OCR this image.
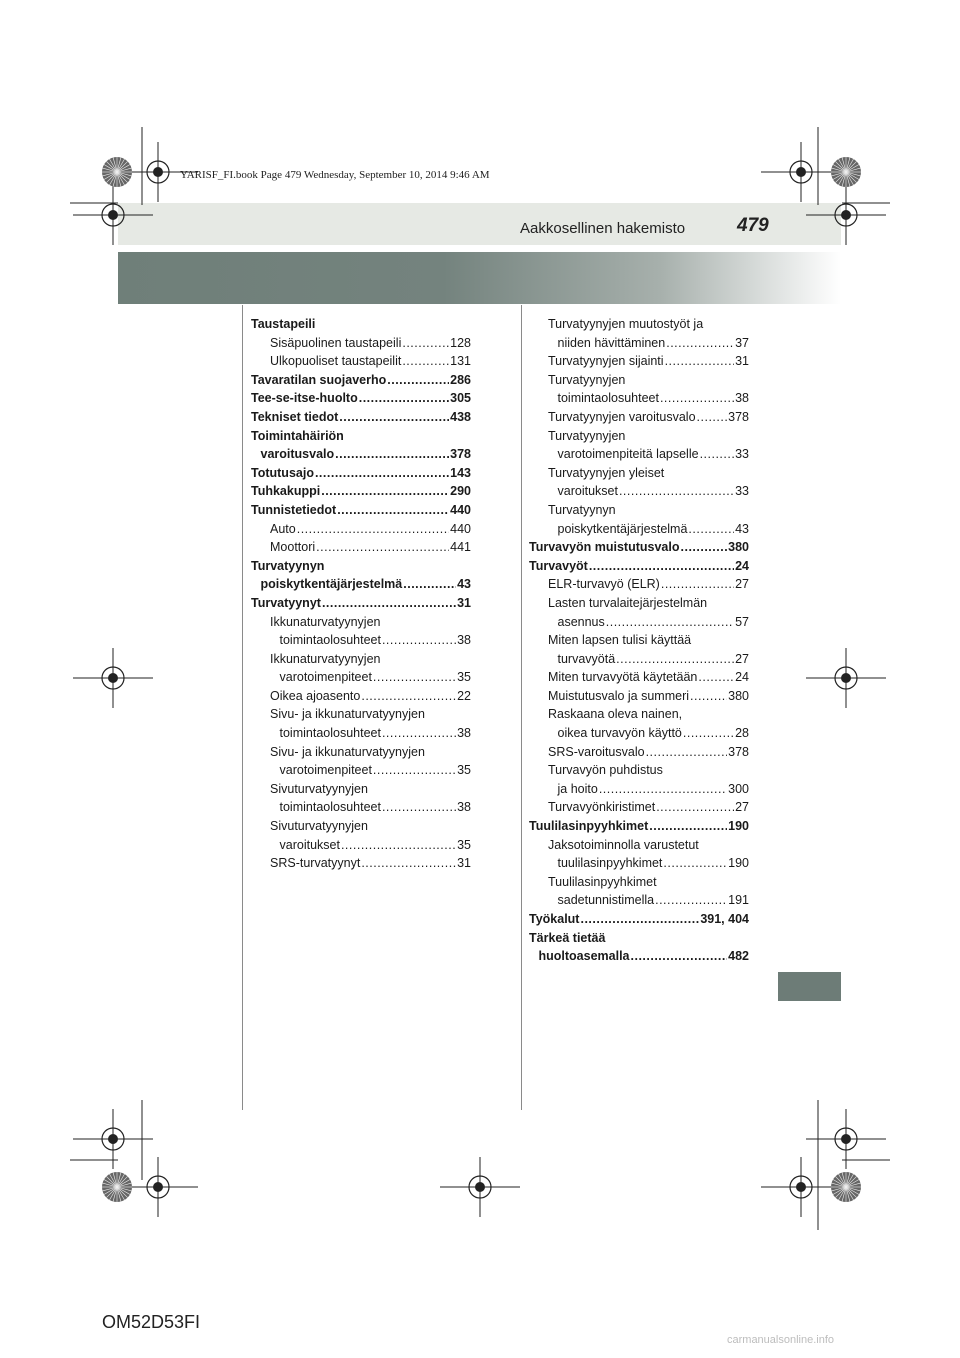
YARISF_FI.book Page 479 Wednesday, September 10, 2014 9:46 AM
Aakkosellinen hakemisto	479
Taustapeili
Sisäpuolinen taustapeili .....	128
Ulkopuoliset taustapeilit .....	131
Tavaratilan suojaverho .....	286
Tee-se-itse-huolto .....	305
Tekniset tiedot .....	438
Toimintahäiriön
varoitusvalo .....	378
Totutusajo .....	143
Tuhkakuppi .....	290
Tunnistetiedot .....	440
Auto .....	440
Moottori .....	441
Turvatyynyn
poiskytkentäjärjestelmä .....	43
Turvatyynyt .....	31
Ikkunaturvatyynyjen
toimintaolosuhteet .....	38
Ikkunaturvatyynyjen
varotoimenpiteet .....	35
Oikea ajoasento .....	22
Sivu- ja ikkunaturvatyynyjen
toimintaolosuhteet .....	38
Sivu- ja ikkunaturvatyynyjen
varotoimenpiteet .....	35
Sivuturvatyynyjen
toimintaolosuhteet .....	38
Sivuturvatyynyjen
varoitukset .....	35
SRS-turvatyynyt .....	31
Turvatyynyjen muutostyöt ja
niiden hävittäminen .....	37
Turvatyynyjen sijainti .....	31
Turvatyynyjen
toimintaolosuhteet .....	38
Turvatyynyjen varoitusvalo .....	378
Turvatyynyjen
varotoimenpiteitä lapselle .....	33
Turvatyynyjen yleiset
varoitukset .....	33
Turvatyynyn
poiskytkentäjärjestelmä .....	43
Turvavyön muistutusvalo .....	380
Turvavyöt .....	24
ELR-turvavyö (ELR) .....	27
Lasten turvalaitejärjestelmän
asennus .....	57
Miten lapsen tulisi käyttää
turvavyötä .....	27
Miten turvavyötä käytetään .....	24
Muistutusvalo ja summeri .....	380
Raskaana oleva nainen,
oikea turvavyön käyttö .....	28
SRS-varoitusvalo .....	378
Turvavyön puhdistus
ja hoito .....	300
Turvavyönkiristimet .....	27
Tuulilasinpyyhkimet .....	190
Jaksotoiminnolla varustetut
tuulilasinpyyhkimet .....	190
Tuulilasinpyyhkimet
sadetunnistimella .....	191
Työkalut .....	391, 404
Tärkeä tietää
huoltoasemalla .....	482
OM52D53FI
carmanualsonline.info
